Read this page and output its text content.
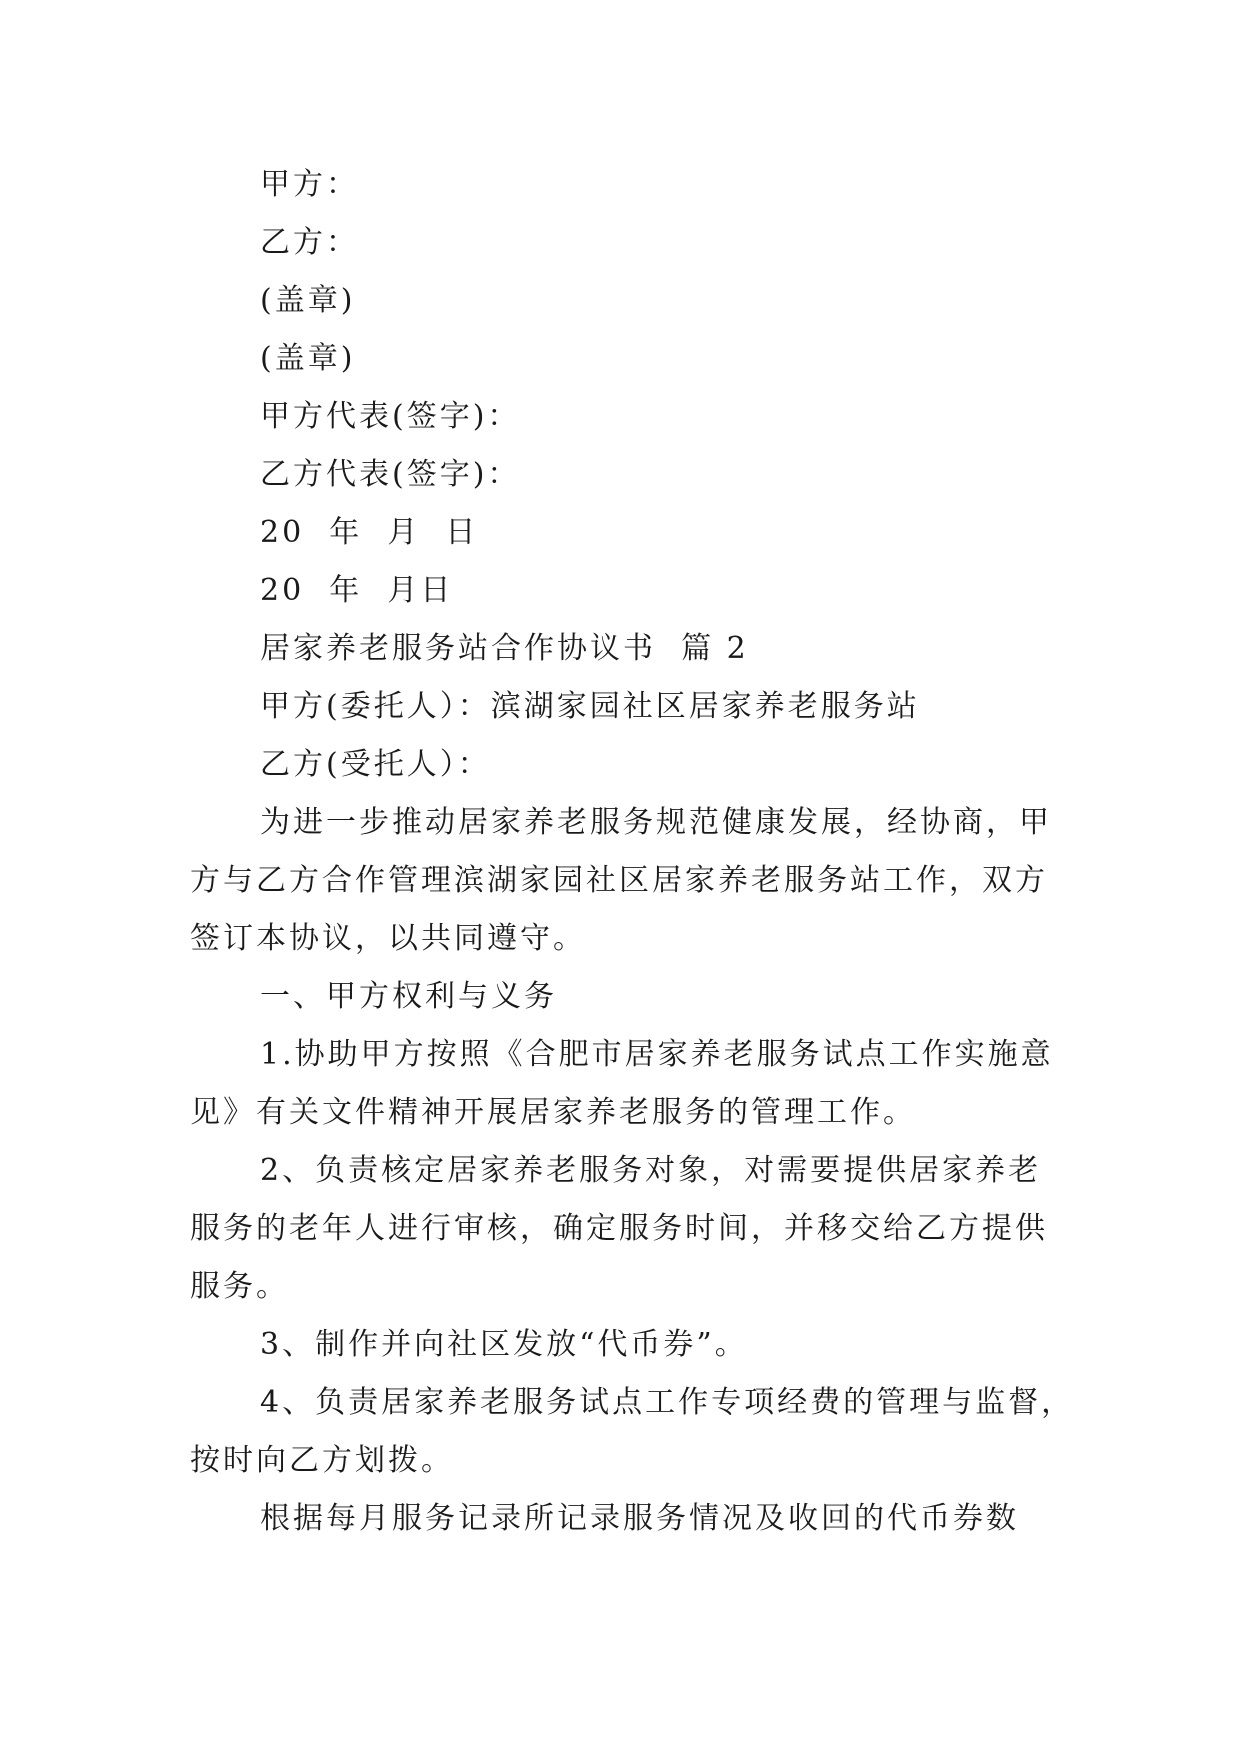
甲方：
乙方：
(盖章)
(盖章)
甲方代表(签字)：
乙方代表(签字)：
20  年  月  日
20  年  月日
居家养老服务站合作协议书  篇 2
甲方(委托人）：滨湖家园社区居家养老服务站
乙方(受托人）：
为进一步推动居家养老服务规范健康发展，经协商，甲
方与乙方合作管理滨湖家园社区居家养老服务站工作，双方
签订本协议，以共同遵守。
一、甲方权利与义务
1.协助甲方按照《合肥市居家养老服务试点工作实施意
见》有关文件精神开展居家养老服务的管理工作。
2、负责核定居家养老服务对象，对需要提供居家养老
服务的老年人进行审核，确定服务时间，并移交给乙方提供
服务。
3、制作并向社区发放“代币券”。
4、负责居家养老服务试点工作专项经费的管理与监督，
按时向乙方划拨。
根据每月服务记录所记录服务情况及收回的代币券数
